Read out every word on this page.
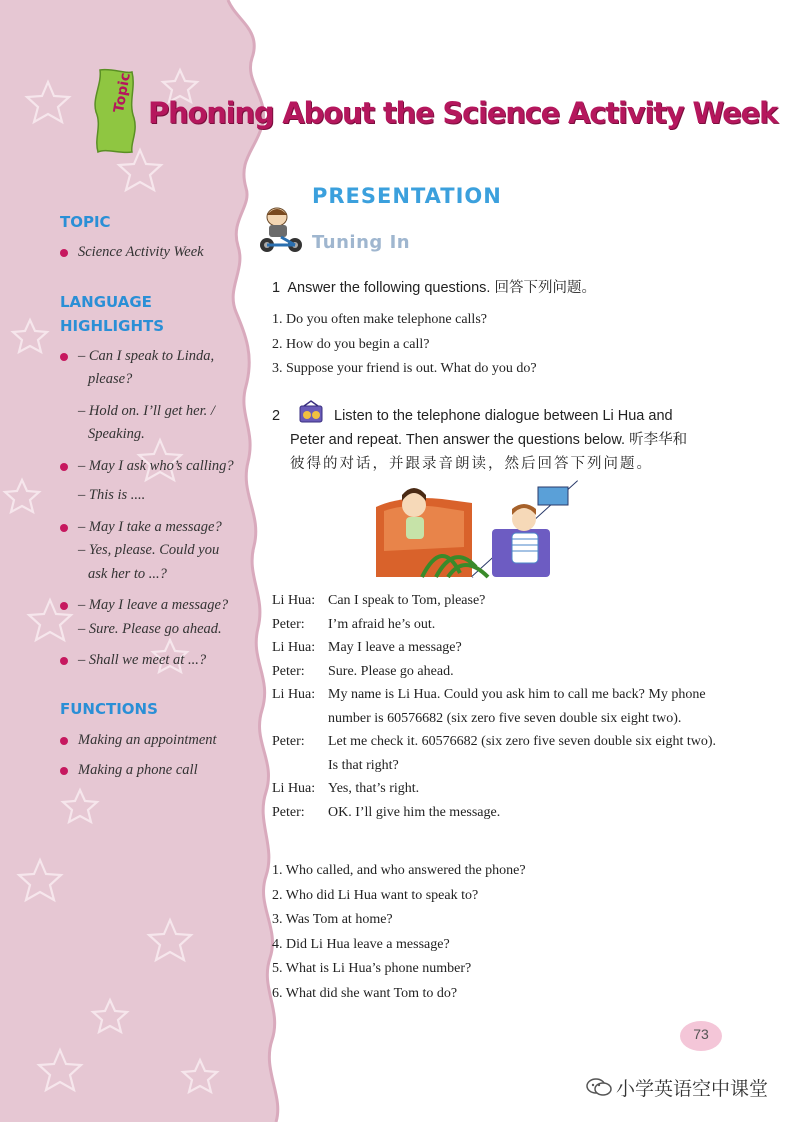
Topic Phoning About the Science Activity Week
TOPIC
Science Activity Week
LANGUAGE
HIGHLIGHTS
– Can I speak to Linda,
please?
– Hold on. I’ll get her. /
Speaking.
– May I ask who’s calling?
– This is ....
– May I take a message?
– Yes, please. Could you
ask her to ...?
– May I leave a message?
– Sure. Please go ahead.
– Shall we meet at ...?
FUNCTIONS
Making an appointment
Making a phone call
PRESENTATION
Tuning In
1 Answer the following questions. 回答下列问题。
1. Do you often make telephone calls?
2. How do you begin a call?
3. Suppose your friend is out. What do you do?
2	Listen to the telephone dialogue between Li Hua and
Peter and repeat. Then answer the questions below. 听李华和
彼得的对话，并跟录音朗读，然后回答下列问题。
Li Hua: Can I speak to Tom, please?
Peter:	I’m afraid he’s out.
Li Hua: May I leave a message?
Peter:	Sure. Please go ahead.
Li Hua: My name is Li Hua. Could you ask him to call me back? My phone number is 60576682 (six zero five seven double six eight two).
Peter:	Let me check it. 60576682 (six zero five seven double six eight two). Is that right?
Li Hua: Yes, that’s right.
Peter:	OK. I’ll give him the message.
1. Who called, and who answered the phone?
2. Who did Li Hua want to speak to?
3. Was Tom at home?
4. Did Li Hua leave a message?
5. What is Li Hua’s phone number?
6. What did she want Tom to do?
73
小学英语空中课堂
